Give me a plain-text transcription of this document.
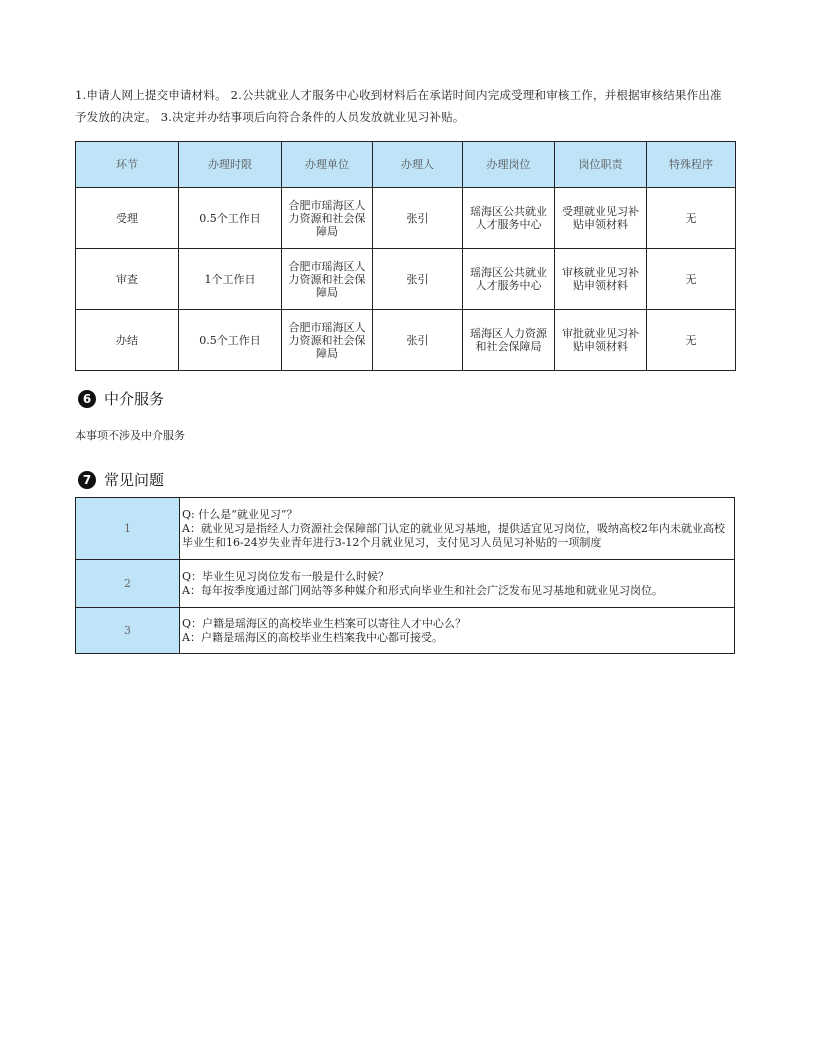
1.申请人网上提交申请材料。 2.公共就业人才服务中心收到材料后在承诺时间内完成受理和审核工作，并根据审核结果作出准
予发放的决定。 3.决定并办结事项后向符合条件的人员发放就业见习补贴。
环节	办理时限	办理单位	办理人	办理岗位	岗位职责	特殊程序
受理	0.5个工作日	合肥市瑶海区人力资源和社会保障局	张引	瑶海区公共就业人才服务中心	受理就业见习补贴申领材料	无
审查	1个工作日	合肥市瑶海区人力资源和社会保障局	张引	瑶海区公共就业人才服务中心	审核就业见习补贴申领材料	无
办结	0.5个工作日	合肥市瑶海区人力资源和社会保障局	张引	瑶海区人力资源和社会保障局	审批就业见习补贴申领材料	无
6 中介服务
本事项不涉及中介服务
7 常见问题
1	Q: 什么是“就业见习”？
A：就业见习是指经人力资源社会保障部门认定的就业见习基地，提供适宜见习岗位，吸纳高校2年内未就业高校毕业生和16-24岁失业青年进行3-12个月就业见习，支付见习人员见习补贴的一项制度

2	Q：毕业生见习岗位发布一般是什么时候？
A：每年按季度通过部门网站等多种媒介和形式向毕业生和社会广泛发布见习基地和就业见习岗位。

3	Q：户籍是瑶海区的高校毕业生档案可以寄往人才中心么？
A：户籍是瑶海区的高校毕业生档案我中心都可接受。
